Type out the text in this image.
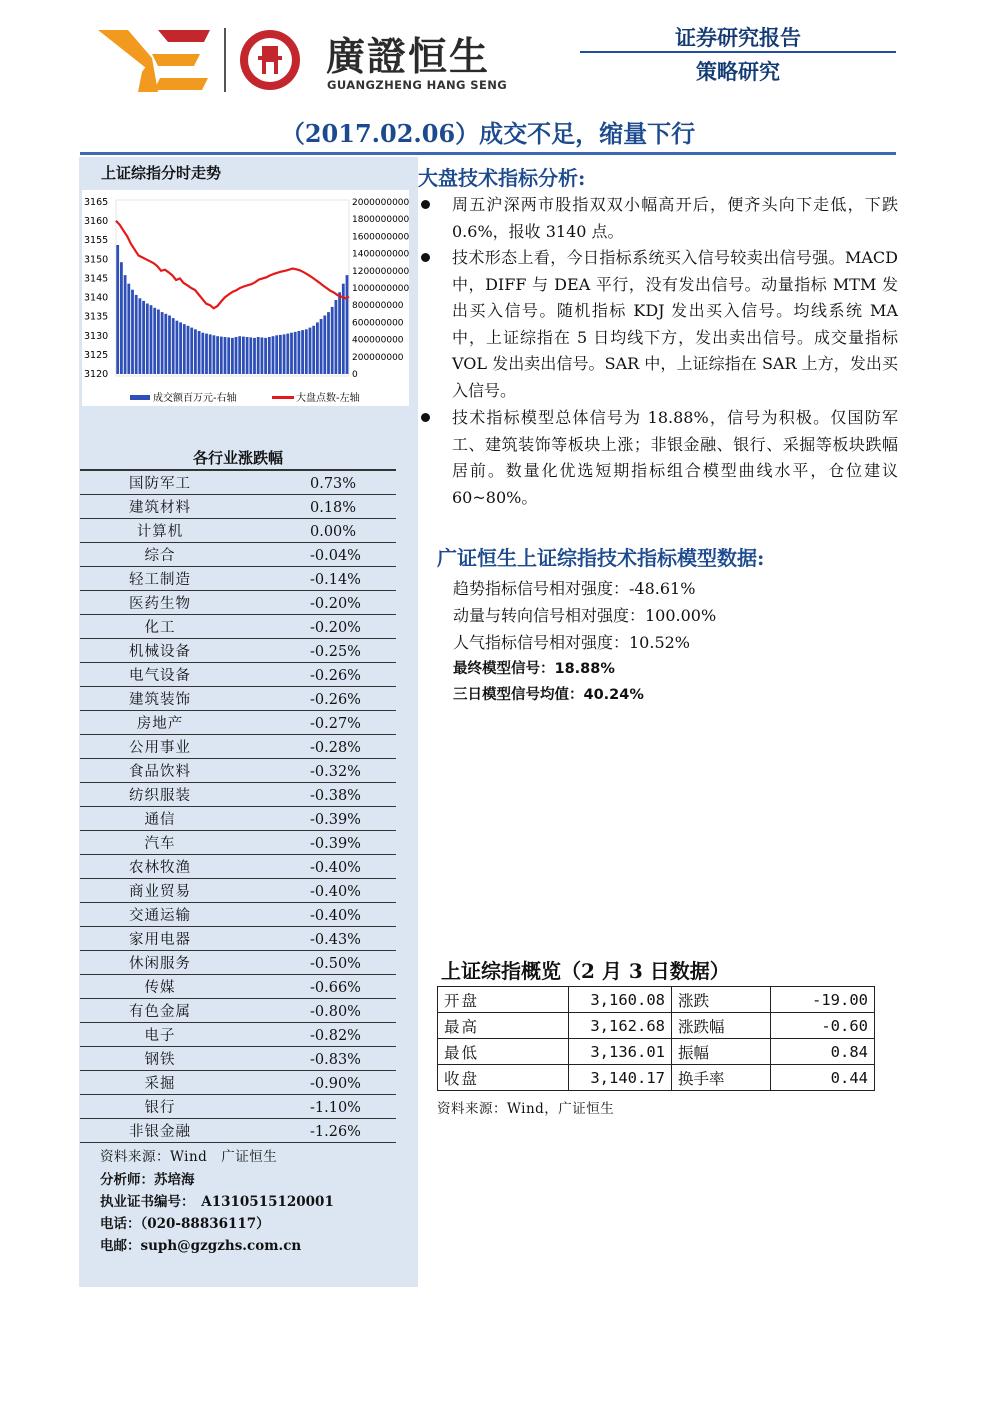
廣證恒生
GUANGZHENG HANG SENG
证券研究报告
策略研究
（2017.02.06）成交不足，缩量下行
上证综指分时走势
3165
3160
3155
3150
3145
3140
3135
3130
3125
3120
2000000000
1800000000
1600000000
1400000000
1200000000
1000000000
800000000
600000000
400000000
200000000
0
成交额百万元-右轴	大盘点数-左轴
各行业涨跌幅
国防军工	0.73%
建筑材料	0.18%
计算机	0.00%
综合	-0.04%
轻工制造	-0.14%
医药生物	-0.20%
化工	-0.20%
机械设备	-0.25%
电气设备	-0.26%
建筑装饰	-0.26%
房地产	-0.27%
公用事业	-0.28%
食品饮料	-0.32%
纺织服装	-0.38%
通信	-0.39%
汽车	-0.39%
农林牧渔	-0.40%
商业贸易	-0.40%
交通运输	-0.40%
家用电器	-0.43%
休闲服务	-0.50%
传媒	-0.66%
有色金属	-0.80%
电子	-0.82%
钢铁	-0.83%
采掘	-0.90%
银行	-1.10%
非银金融	-1.26%
资料来源：Wind　广证恒生
分析师：苏培海
执业证书编号：　A1310515120001
电话：（020-88836117）
电邮：suph@gzgzhs.com.cn
大盘技术指标分析:
周五沪深两市股指双双小幅高开后，便齐头向下走低，下跌 0.6%，报收 3140 点。
技术形态上看，今日指标系统买入信号较卖出信号强。MACD 中，DIFF 与 DEA 平行，没有发出信号。动量指标 MTM 发出买入信号。随机指标 KDJ 发出买入信号。均线系统 MA 中，上证综指在 5 日均线下方，发出卖出信号。成交量指标 VOL 发出卖出信号。SAR 中，上证综指在 SAR 上方，发出买入信号。
技术指标模型总体信号为 18.88%，信号为积极。仅国防军工、建筑装饰等板块上涨；非银金融、银行、采掘等板块跌幅居前。数量化优选短期指标组合模型曲线水平，仓位建议 60~80%。
广证恒生上证综指技术指标模型数据:
趋势指标信号相对强度：-48.61%
动量与转向信号相对强度：100.00%
人气指标信号相对强度：10.52%
最终模型信号：18.88%
三日模型信号均值：40.24%
上证综指概览（2 月 3 日数据）
开盘	3,160.08	涨跌	-19.00
最高	3,162.68	涨跌幅	-0.60
最低	3,136.01	振幅	0.84
收盘	3,140.17	换手率	0.44
资料来源：Wind，广证恒生
